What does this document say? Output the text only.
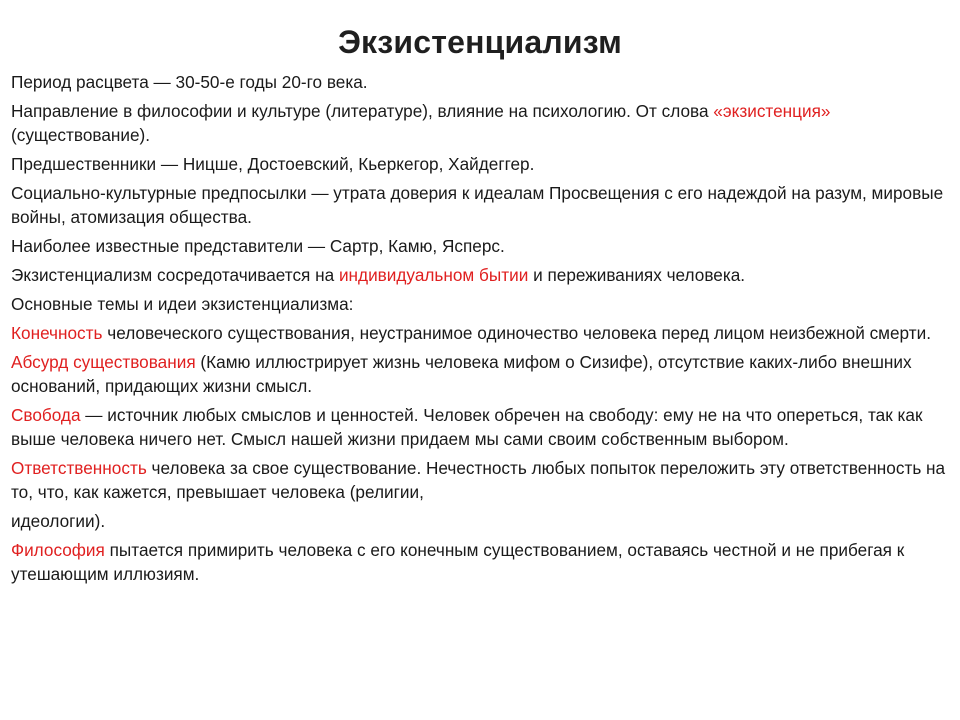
Экзистенциализм

Период расцвета — 30-50-е годы 20-го века.

Направление в философии и культуре (литературе), влияние на психологию. От слова «экзистенция» (существование).

Предшественники — Ницше, Достоевский, Кьеркегор, Хайдеггер.

Социально-культурные предпосылки — утрата доверия к идеалам Просвещения с его надеждой на разум, мировые войны, атомизация общества.

Наиболее известные представители — Сартр, Камю, Ясперс.

Экзистенциализм сосредотачивается на индивидуальном бытии и переживаниях человека.

Основные темы и идеи экзистенциализма:

Конечность человеческого существования, неустранимое одиночество человека перед лицом неизбежной смерти.

Абсурд существования (Камю иллюстрирует жизнь человека мифом о Сизифе), отсутствие каких-либо внешних оснований, придающих жизни смысл.

Свобода — источник любых смыслов и ценностей. Человек обречен на свободу: ему не на что опереться, так как выше человека ничего нет. Смысл нашей жизни придаем мы сами своим собственным выбором.

Ответственность человека за свое существование. Нечестность любых попыток переложить эту ответственность на то, что, как кажется, превышает человека (религии,

идеологии).

Философия пытается примирить человека с его конечным существованием, оставаясь честной и не прибегая к утешающим иллюзиям.
